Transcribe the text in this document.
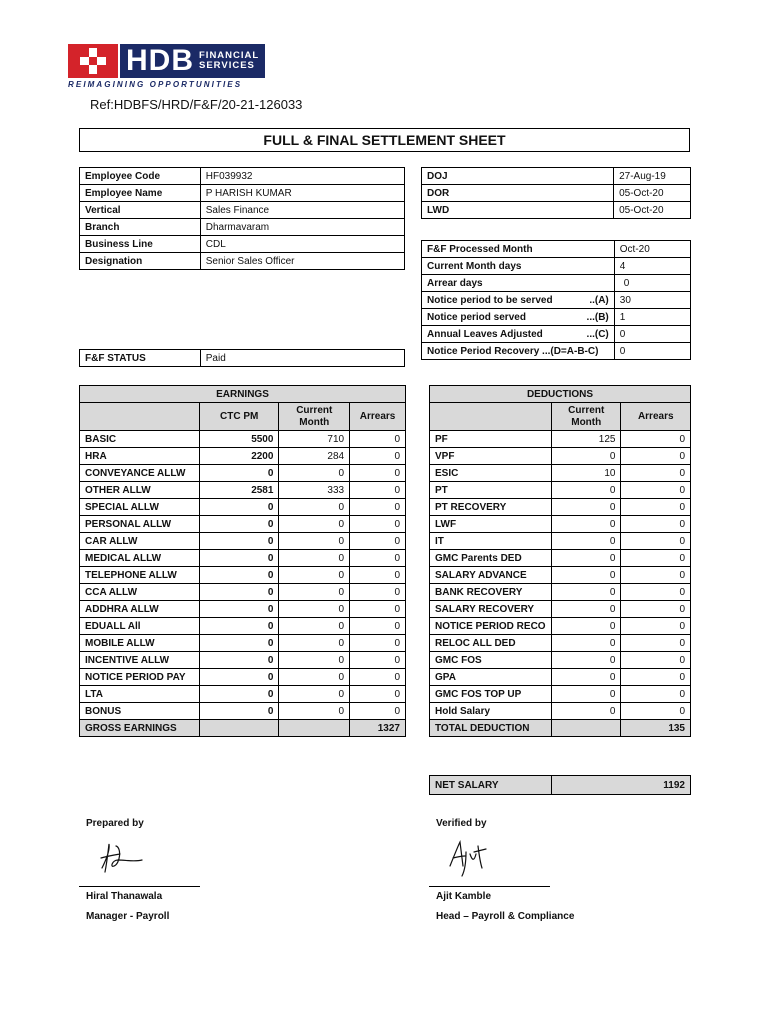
HDB FINANCIAL
SERVICES
REIMAGINING OPPORTUNITIES
Ref:HDBFS/HRD/F&F/20-21-126033
FULL & FINAL SETTLEMENT SHEET
Employee Code	HF039932
Employee Name	P HARISH KUMAR
Vertical	Sales Finance
Branch	Dharmavaram
Business Line	CDL
Designation	Senior Sales Officer
F&F STATUS	Paid
DOJ	27-Aug-19
DOR	05-Oct-20
LWD	05-Oct-20
F&F Processed Month	Oct-20
Current Month days	4
Arrear days	0
Notice period to be served ..(A)	30
Notice period served ...(B)	1
Annual Leaves Adjusted ...(C)	0
Notice Period Recovery ...(D=A-B-C)	0
EARNINGS			
	CTC PM	Current Month	Arrears
BASIC	5500	710	0
HRA	2200	284	0
CONVEYANCE ALLW	0	0	0
OTHER ALLW	2581	333	0
SPECIAL ALLW	0	0	0
PERSONAL ALLW	0	0	0
CAR ALLW	0	0	0
MEDICAL ALLW	0	0	0
TELEPHONE ALLW	0	0	0
CCA ALLW	0	0	0
ADDHRA ALLW	0	0	0
EDUALL All	0	0	0
MOBILE ALLW	0	0	0
INCENTIVE ALLW	0	0	0
NOTICE PERIOD PAY	0	0	0
LTA	0	0	0
BONUS	0	0	0
GROSS EARNINGS			1327
DEDUCTIONS		
	Current Month	Arrears
PF	125	0
VPF	0	0
ESIC	10	0
PT	0	0
PT RECOVERY	0	0
LWF	0	0
IT	0	0
GMC Parents DED	0	0
SALARY ADVANCE	0	0
BANK RECOVERY	0	0
SALARY RECOVERY	0	0
NOTICE PERIOD RECO	0	0
RELOC ALL DED	0	0
GMC FOS	0	0
GPA	0	0
GMC FOS TOP UP	0	0
Hold Salary	0	0
TOTAL DEDUCTION		135
NET SALARY	1192
Prepared by
Hiral Thanawala
Manager - Payroll
Verified by
Ajit Kamble
Head – Payroll & Compliance
